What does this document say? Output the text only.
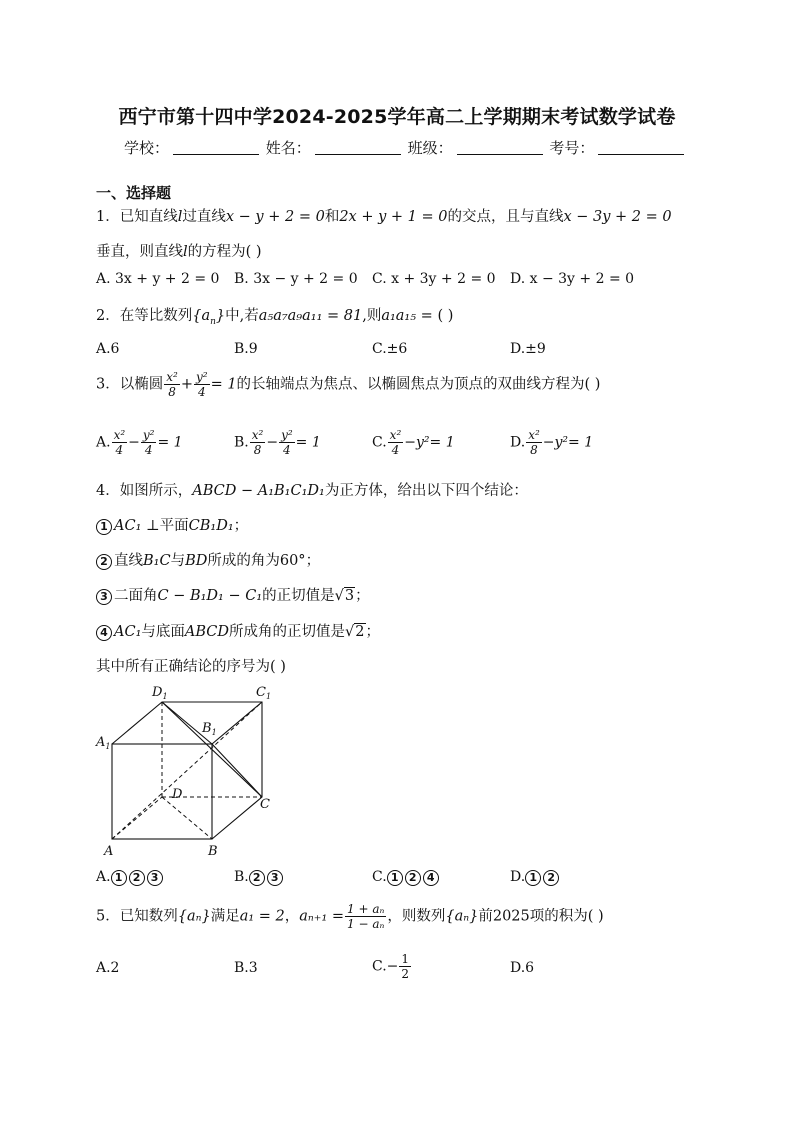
西宁市第十四中学2024-2025学年高二上学期期末考试数学试卷
学校：	姓名：	班级：	考号：
一、选择题
1．已知直线l过直线x − y + 2 = 0和2x + y + 1 = 0的交点，且与直线x − 3y + 2 = 0
垂直，则直线l的方程为( )
A. 3x + y + 2 = 0 B. 3x − y + 2 = 0 C. x + 3y + 2 = 0 D. x − 3y + 2 = 0
2．在等比数列$\{a_n\}$中,若a₅a₇a₉a₁₁ = 81,则a₁a₁₅ = ( )
A.6	B.9	C.±6	D.±9
3．以椭圆 $\frac{\text{x²}}{8} + \frac{\text{y²}}{4} = 1$的长轴端点为焦点、以椭圆焦点为顶点的双曲线方程为( )
A. $\frac{\text{x²}}{4} - \frac{\text{y²}}{4} = 1$	B. $\frac{\text{x²}}{8} - \frac{\text{y²}}{4} = 1$	C. $\frac{\text{x²}}{4} -y^2= 1$	D. $\frac{\text{x²}}{8} -y^2= 1$
4．如图所示，ABCD − A₁B₁C₁D₁为正方体，给出以下四个结论：
1 AC₁ ⊥平面CB₁D₁；
2 直线B₁C与BD所成的角为60°；
3 二面角C − B₁D₁ − C₁的正切值是√3；
4 AC₁与底面ABCD所成角的正切值是√2；
其中所有正确结论的序号为( )
$D_1$	$C_1$
$A_1$
$B_1$
D
C
A	B
A. 1 2 3	B. 2 3	C. 1 2 4	D. 1 2
5．已知数列{aₙ}满足a₁ = 2，$a_{n+1} = \frac{\text{1 + aₙ}}{\text{1 − aₙ}}$ ，则数列{aₙ}前2025项的积为( )
A.2	B.3	$C.- \frac{1}{2}$	D.6
